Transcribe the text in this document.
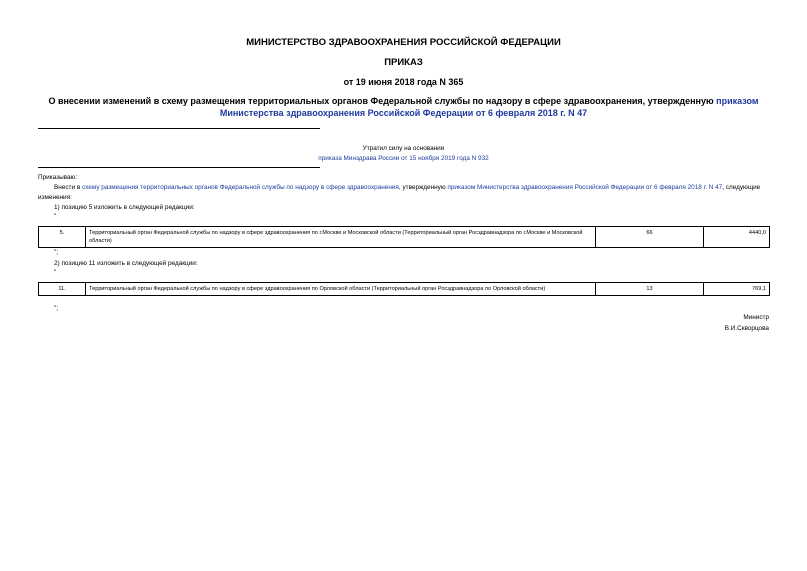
МИНИСТЕРСТВО ЗДРАВООХРАНЕНИЯ РОССИЙСКОЙ ФЕДЕРАЦИИ
ПРИКАЗ
от 19 июня 2018 года N 365
О внесении изменений в схему размещения территориальных органов Федеральной службы по надзору в сфере здравоохранения, утвержденную приказом Министерства здравоохранения Российской Федерации от 6 февраля 2018 г. N 47
Утратил силу на основании
приказа Минздрава России от 15 ноября 2019 года N 932
Приказываю:
Внести в схему размещения территориальных органов Федеральной службы по надзору в сфере здравоохранения, утвержденную приказом Министерства здравоохранения Российской Федерации от 6 февраля 2018 г. N 47, следующие изменения:
1) позицию 5 изложить в следующей редакции:
"
5.	Территориальный орган Федеральной службы по надзору в сфере здравоохранения по г.Москве и Московской области (Территориальный орган Росздравнадзора по г.Москве и Московской области)	66	4440,0
";
2) позицию 11 изложить в следующей редакции:
"
11.	Территориальный орган Федеральной службы по надзору в сфере здравоохранения по Орловской области (Территориальный орган Росздравнадзора по Орловской области)	13	769,1
";
Министр
В.И.Скворцова
